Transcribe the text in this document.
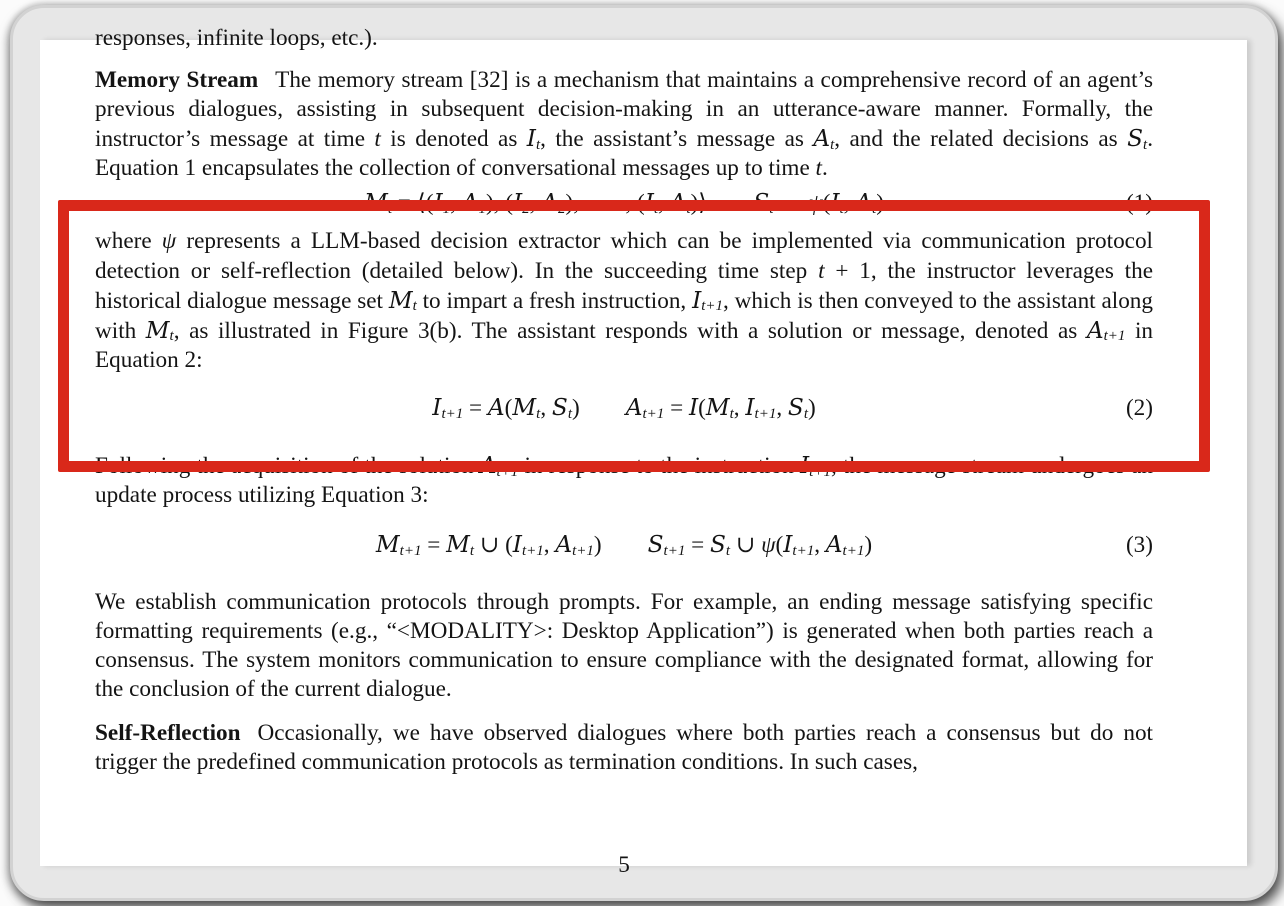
responses, infinite loops, etc.).
Memory Stream The memory stream [32] is a mechanism that maintains a comprehensive record of an agent’s previous dialogues, assisting in subsequent decision-making in an utterance-aware manner. Formally, the instructor’s message at time t is denoted as $I_t$, the assistant’s message as $A_t$, and the related decisions as $S_t$. Equation 1 encapsulates the collection of conversational messages up to time t.
$M_t$ = $⟨(I_1$, $A_1$), ($I_2$, $A_2$), · · · , ($I_t$, $A_t)⟩$ $S_t$ ← $\psi(I_t$, $A_t$)	(1)
where ψ represents a LLM-based decision extractor which can be implemented via communication protocol detection or self-reflection (detailed below). In the succeeding time step t + 1, the instructor leverages the historical dialogue message set $M_t$ to impart a fresh instruction, $I_{t+1}$, which is then conveyed to the assistant along with $M_t$, as illustrated in Figure 3(b). The assistant responds with a solution or message, denoted as $A_{t+1}$ in Equation 2:
$I_{t+1} = A(M_t$, $S_t$) $A_{t+1} = I(M_t$, $I_{t+1}$, $S_t$)	(2)
Following the acquisition of the solution $A_{t+1}$ in response to the instruction $I_{t+1}$, the message stream undergoes an update process utilizing Equation 3:
$M_{t+1} = M_t$ ∪ ($I_{t+1}$, $A_{t+1}$) $S_{t+1} = S_t$ ∪ $\psi(I_{t+1}$, $A_{t+1}$)	(3)
We establish communication protocols through prompts. For example, an ending message satisfying specific formatting requirements (e.g., “<MODALITY>: Desktop Application”) is generated when both parties reach a consensus. The system monitors communication to ensure compliance with the designated format, allowing for the conclusion of the current dialogue.
Self-Reflection Occasionally, we have observed dialogues where both parties reach a consensus but do not trigger the predefined communication protocols as termination conditions. In such cases,
5
